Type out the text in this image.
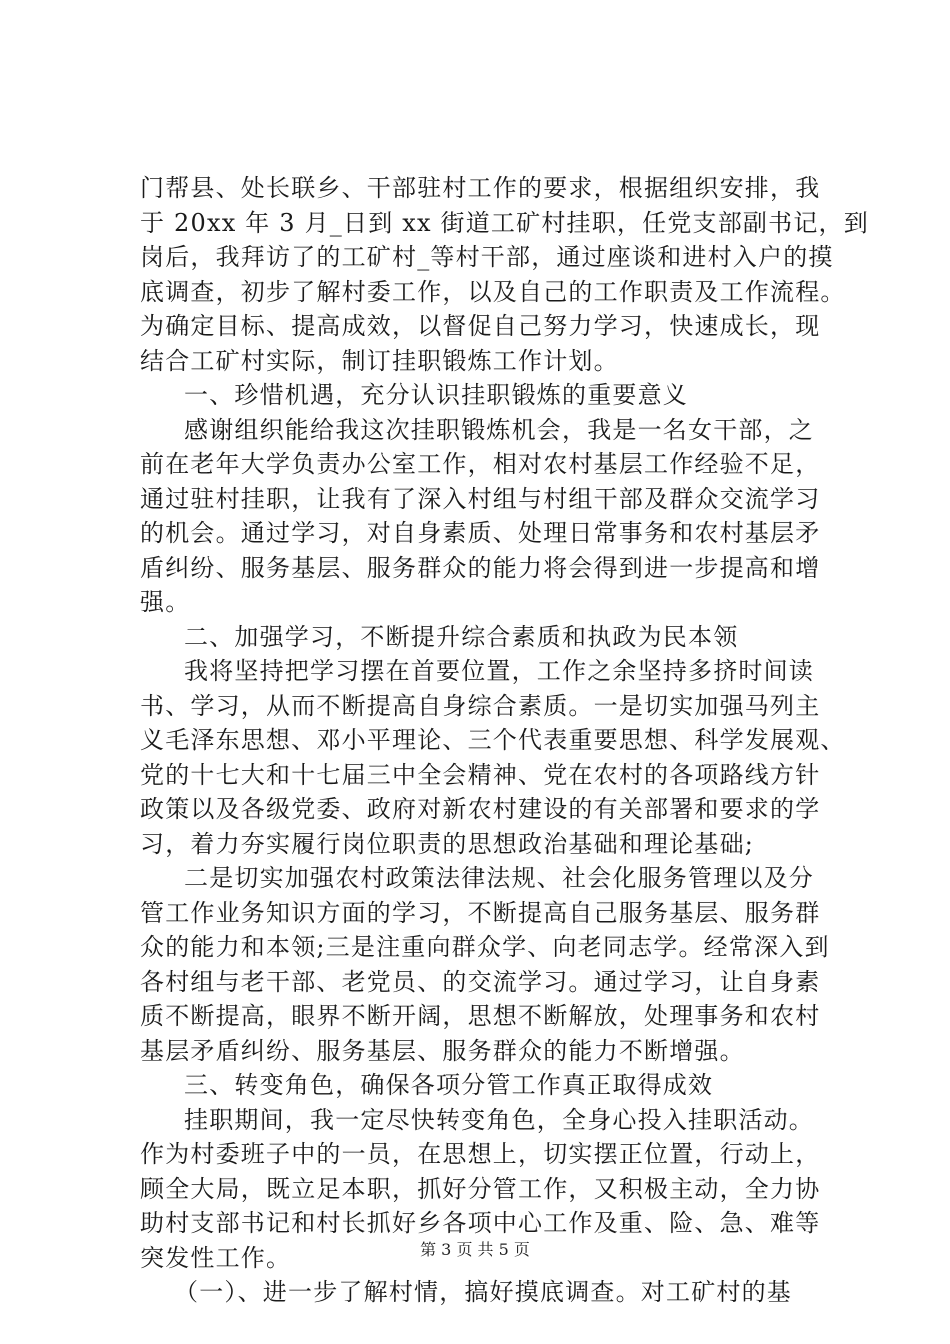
门帮县、处长联乡、干部驻村工作的要求，根据组织安排，我
于 20xx 年 3 月_日到 xx 街道工矿村挂职，任党支部副书记，到
岗后，我拜访了的工矿村_等村干部，通过座谈和进村入户的摸
底调查，初步了解村委工作，以及自己的工作职责及工作流程。
为确定目标、提高成效，以督促自己努力学习，快速成长，现
结合工矿村实际，制订挂职锻炼工作计划。
一、珍惜机遇，充分认识挂职锻炼的重要意义
感谢组织能给我这次挂职锻炼机会，我是一名女干部，之
前在老年大学负责办公室工作，相对农村基层工作经验不足，
通过驻村挂职，让我有了深入村组与村组干部及群众交流学习
的机会。通过学习，对自身素质、处理日常事务和农村基层矛
盾纠纷、服务基层、服务群众的能力将会得到进一步提高和增
强。
二、加强学习，不断提升综合素质和执政为民本领
我将坚持把学习摆在首要位置，工作之余坚持多挤时间读
书、学习，从而不断提高自身综合素质。一是切实加强马列主
义毛泽东思想、邓小平理论、三个代表重要思想、科学发展观、
党的十七大和十七届三中全会精神、党在农村的各项路线方针
政策以及各级党委、政府对新农村建设的有关部署和要求的学
习，着力夯实履行岗位职责的思想政治基础和理论基础;
二是切实加强农村政策法律法规、社会化服务管理以及分
管工作业务知识方面的学习，不断提高自己服务基层、服务群
众的能力和本领;三是注重向群众学、向老同志学。经常深入到
各村组与老干部、老党员、的交流学习。通过学习，让自身素
质不断提高，眼界不断开阔，思想不断解放，处理事务和农村
基层矛盾纠纷、服务基层、服务群众的能力不断增强。
三、转变角色，确保各项分管工作真正取得成效
挂职期间，我一定尽快转变角色，全身心投入挂职活动。
作为村委班子中的一员，在思想上，切实摆正位置，行动上，
顾全大局，既立足本职，抓好分管工作，又积极主动，全力协
助村支部书记和村长抓好乡各项中心工作及重、险、急、难等
突发性工作。
（一）、进一步了解村情，搞好摸底调查。对工矿村的基
第 3 页 共 5 页
